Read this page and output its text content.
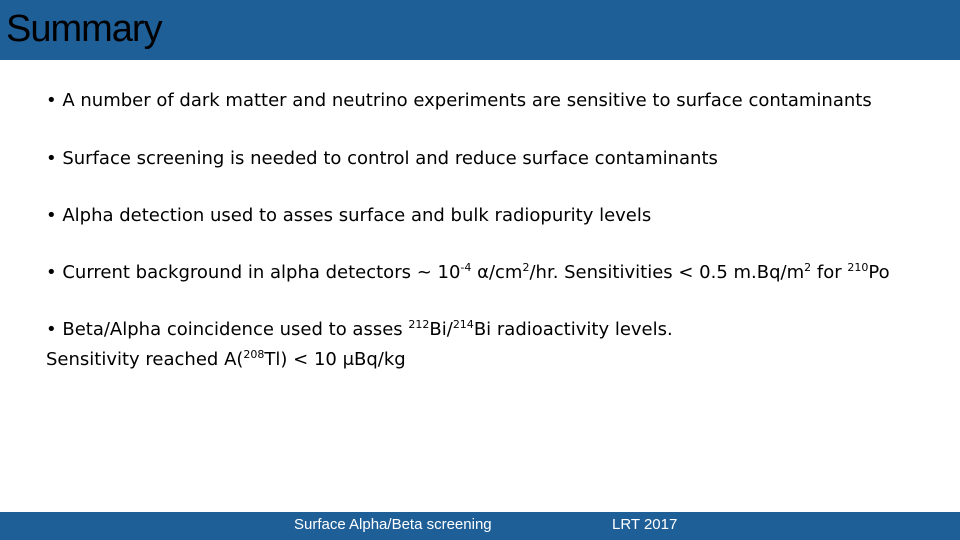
Summary
• A number of dark matter and neutrino experiments are sensitive to surface contaminants
• Surface screening is needed to control and reduce surface contaminants
• Alpha detection used to asses surface and bulk radiopurity levels
• Current background in alpha detectors ~ $10^{-4}$ $\alpha/cm^2/hr$. Sensitivities < 0.5 $m.Bq/m^2$ for $^{210}$Po
• Beta/Alpha coincidence used to asses $^{212}$Bi/$^{214}$Bi radioactivity levels.
Sensitivity reached A($^{208}$Tl) < 10 μBq/kg
Surface Alpha/Beta screening	LRT 2017
